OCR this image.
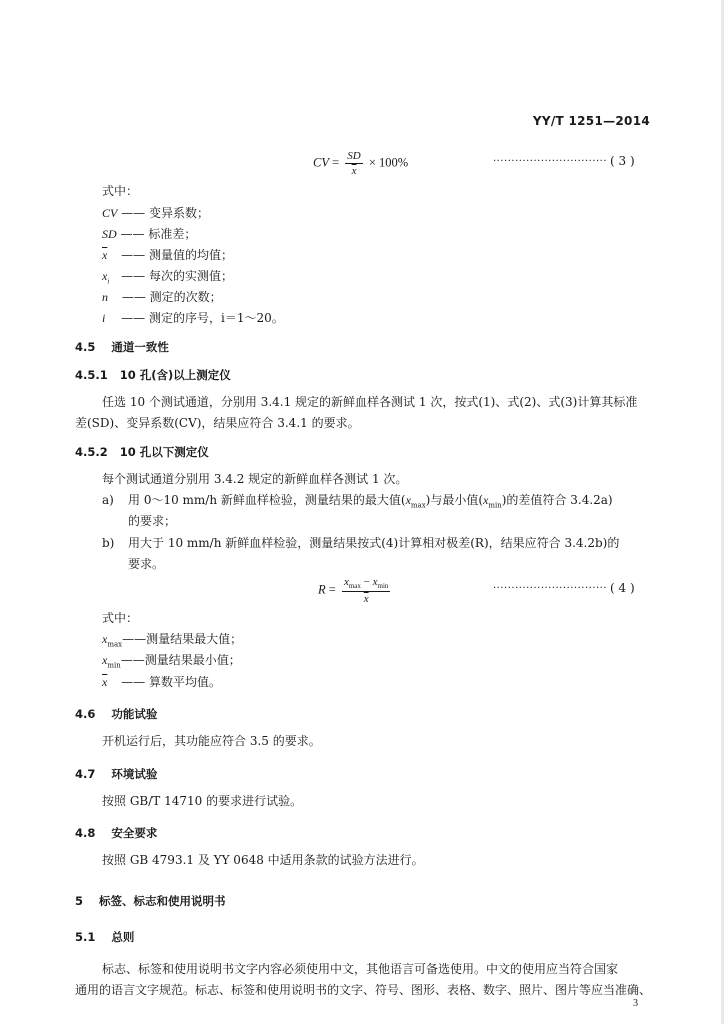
YY/T 1251—2014
CV = $\frac{SD}{x} \times 100\%$	······························· ( 3 )
式中：
CV —— 变异系数；
SD —— 标准差；
$\overline{x}$ —— 测量值的均值；
$x_i$ —— 每次的实测值；
n —— 测定的次数；
i —— 测定的序号，i＝1～20。
4.5 通道一致性
4.5.1 10 孔(含)以上测定仪
任选 10 个测试通道，分别用 3.4.1 规定的新鲜血样各测试 1 次，按式(1)、式(2)、式(3)计算其标准
差(SD)、变异系数(CV)，结果应符合 3.4.1 的要求。
4.5.2 10 孔以下测定仪
每个测试通道分别用 3.4.2 规定的新鲜血样各测试 1 次。
a) 用 0～10 mm/h 新鲜血样检验，测量结果的最大值$(x_{max})$与最小值$(x_{min})$的差值符合 3.4.2a)
的要求；
b) 用大于 10 mm/h 新鲜血样检验，测量结果按式(4)计算相对极差(R)，结果应符合 3.4.2b)的
要求。
$R = \frac{x_{max} - x_{min}}{x}$	······························· ( 4 )
式中：
$x_{max}——$测量结果最大值；
$x_{min}——$测量结果最小值；
$\overline{x}$ —— 算数平均值。
4.6 功能试验
开机运行后，其功能应符合 3.5 的要求。
4.7 环境试验
按照 GB/T 14710 的要求进行试验。
4.8 安全要求
按照 GB 4793.1 及 YY 0648 中适用条款的试验方法进行。
5 标签、标志和使用说明书
5.1 总则
标志、标签和使用说明书文字内容必须使用中文，其他语言可备选使用。中文的使用应当符合国家
通用的语言文字规范。标志、标签和使用说明书的文字、符号、图形、表格、数字、照片、图片等应当准确、
3
